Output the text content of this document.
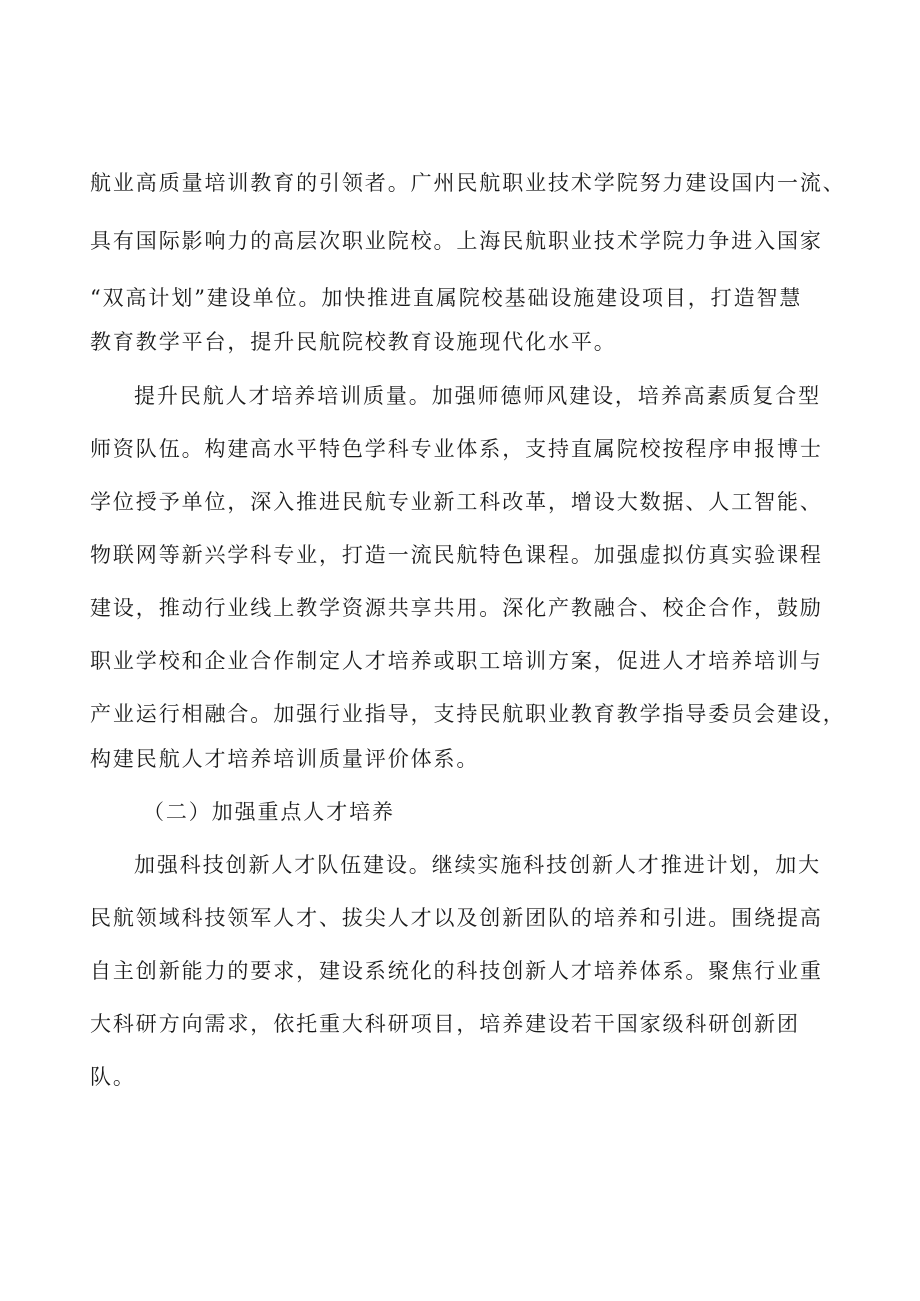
航业高质量培训教育的引领者。广州民航职业技术学院努力建设国内一流、
具有国际影响力的高层次职业院校。上海民航职业技术学院力争进入国家
“双高计划”建设单位。加快推进直属院校基础设施建设项目，打造智慧
教育教学平台，提升民航院校教育设施现代化水平。
提升民航人才培养培训质量。加强师德师风建设，培养高素质复合型
师资队伍。构建高水平特色学科专业体系，支持直属院校按程序申报博士
学位授予单位，深入推进民航专业新工科改革，增设大数据、人工智能、
物联网等新兴学科专业，打造一流民航特色课程。加强虚拟仿真实验课程
建设，推动行业线上教学资源共享共用。深化产教融合、校企合作，鼓励
职业学校和企业合作制定人才培养或职工培训方案，促进人才培养培训与
产业运行相融合。加强行业指导，支持民航职业教育教学指导委员会建设，
构建民航人才培养培训质量评价体系。
（二）加强重点人才培养
加强科技创新人才队伍建设。继续实施科技创新人才推进计划，加大
民航领域科技领军人才、拔尖人才以及创新团队的培养和引进。围绕提高
自主创新能力的要求，建设系统化的科技创新人才培养体系。聚焦行业重
大科研方向需求，依托重大科研项目，培养建设若干国家级科研创新团
队。
